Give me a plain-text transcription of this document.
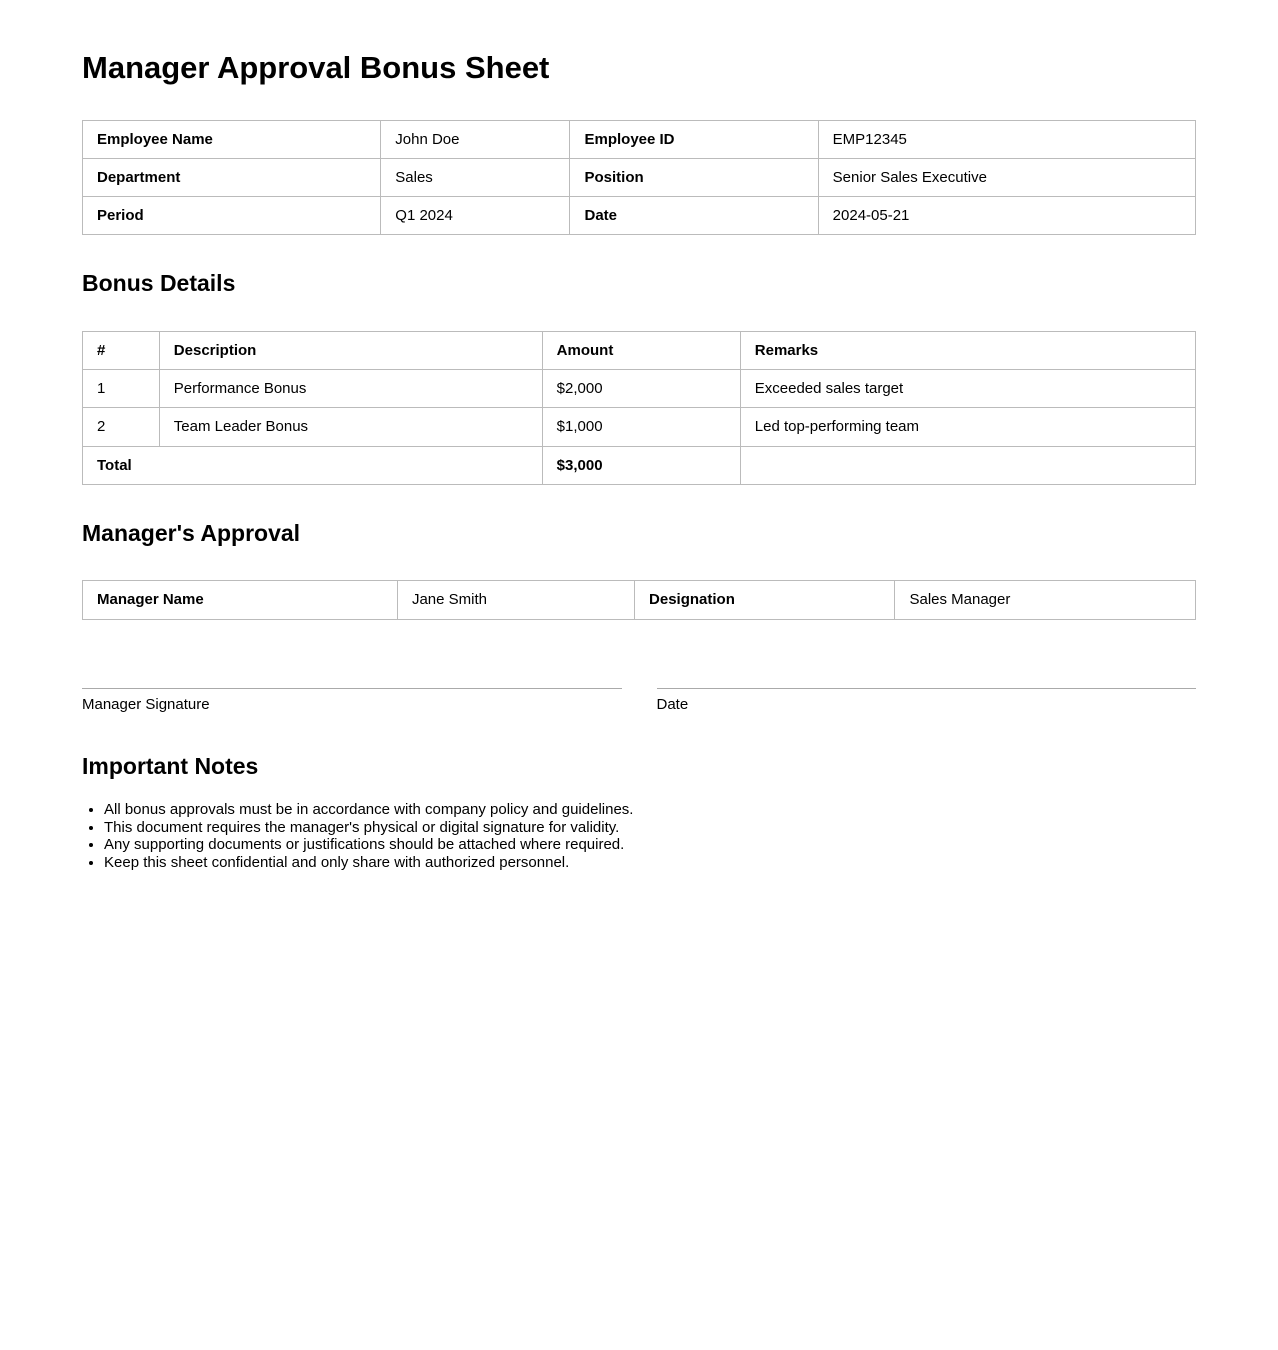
Manager Approval Bonus Sheet
Employee Name	John Doe	Employee ID	EMP12345
Department	Sales	Position	Senior Sales Executive
Period	Q1 2024	Date	2024-05-21
Bonus Details
#	Description	Amount	Remarks
1	Performance Bonus	$2,000	Exceeded sales target
2	Team Leader Bonus	$1,000	Led top-performing team
Total		$3,000	
Manager's Approval
Manager Name	Jane Smith	Designation	Sales Manager
Manager Signature	Date
Important Notes
• All bonus approvals must be in accordance with company policy and guidelines.
• This document requires the manager's physical or digital signature for validity.
• Any supporting documents or justifications should be attached where required.
• Keep this sheet confidential and only share with authorized personnel.
